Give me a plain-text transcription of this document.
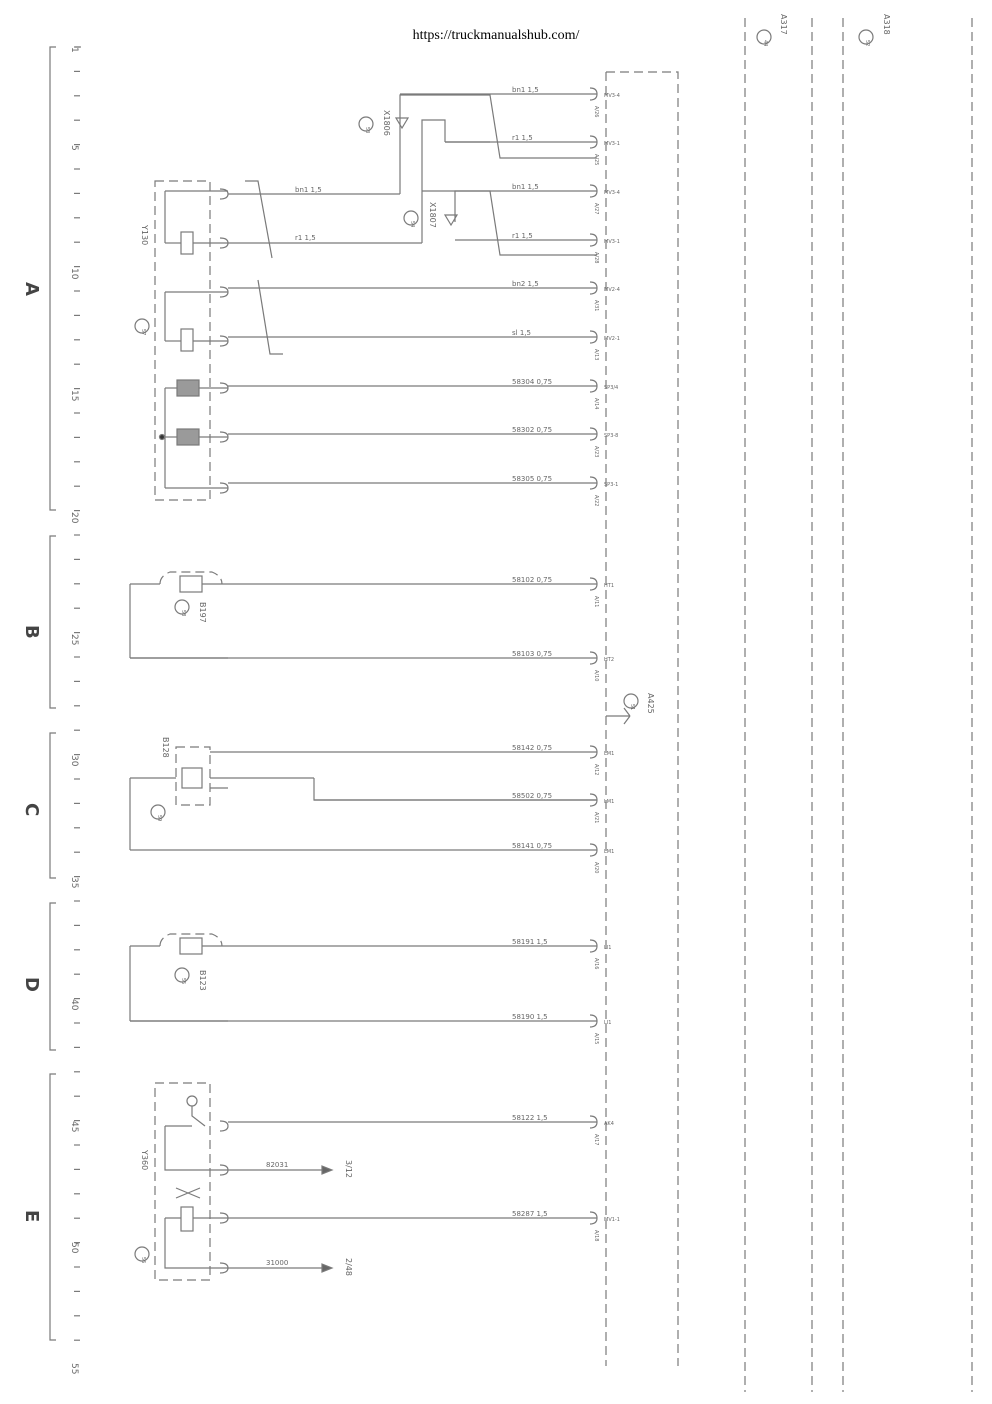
https://truckmanualshub.com/
1
5
10
15
20
25
30
35
40
45
50
55
A
B
C
D
E
44
A317
52
A318
51 A425
MV3-4
A/26
bn1 1,5
MV3-1
A/25
r1 1,5
MV3-4
A/27
bn1 1,5
MV3-1
A/28
r1 1,5
MV2-4
A/31
bn2 1,5
MV2-1
A/13
sl 1,5
SP3/4
A/14
58304 0,75
SP3-8
A/23
58302 0,75
SP3-1
A/22
58305 0,75
HT1
A/11
58102 0,75
HT2
A/10
58103 0,75
LM1
A/12
58142 0,75
LM1
A/21
58502 0,75
LM1
A/20
58141 0,75
LI1
A/16
58191 1,5
LI1
A/15
58190 1,5
AK4
A/17
58122 1,5
MV1-1
A/18
58287 1,5
Y130
57
bn1 1,5
r1 1,5
53 X1806
54 X1807
58 B197
B128
59
55 B123
Y360
56
82031
31000
3/12
2/48
